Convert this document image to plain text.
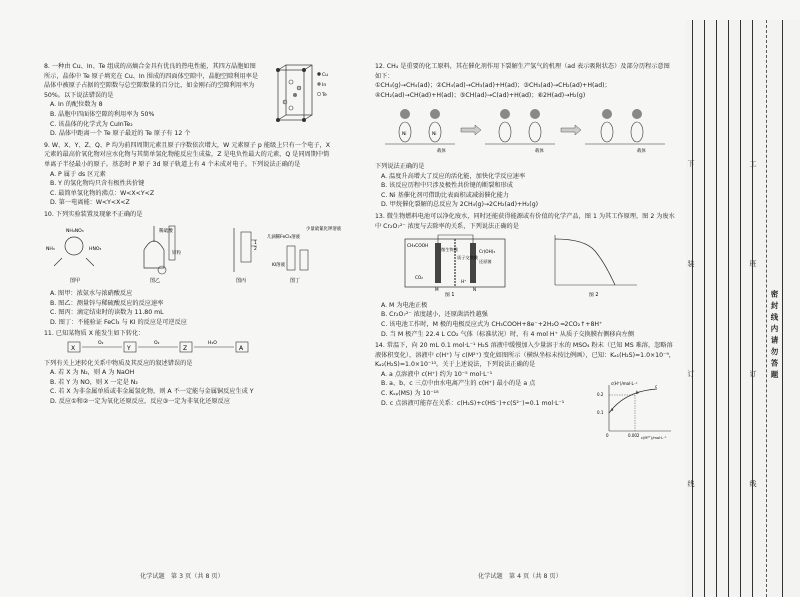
8. 一种由 Cu、In、Te 组成的高熵合金具有优良的热电性能，其四方晶胞如图所示，晶体中 Te 原子填充在 Cu、In 围成的四面体空隙中，晶胞空隙利用率是晶体中被原子占据的空隙数与总空隙数量的百分比，如金刚石的空隙利用率为 50%。以下说法错误的是

Cu
In
Te

A. In 的配位数为 8

B. 晶胞中四面体空隙的利用率为 50%

C. 该晶体的化学式为 CuInTe₂

D. 晶体中距离一个 Te 原子最近的 Te 原子有 12 个

9. W、X、Y、Z、Q、P 均为前四周期元素且原子序数依次增大，W 元素原子 p 能级上只有一个电子，X 元素的最高价氧化物对应水化物与其简单氢化物能反应生成盐，Z 是电负性最大的元素，Q 是同周期中简单离子半径最小的原子。基态时 P 原子 3d 原子轨道上有 4 个未成对电子。下列说法正确的是

A. P 属于 ds 区元素

B. Y 的氢化物均只含有极性共价键

C. 最简单氢化物的沸点：W<X<Y<Z

D. 第一电离能：W<Y<X<Z

10. 下列实验装置及现象不正确的是

NH₄NO₃
NH₃	HNO₃
图甲
稀硫酸
锌粒
图乙
1
2
图丙
几滴稀FeCl₃溶液
KI溶液
少量硫氰化钾溶液
图丁

A. 图甲：浓氨水与浓硝酸反应

B. 图乙：测量锌与稀硫酸反应的反应速率

C. 图丙：滴定结束时的读数为 11.80 mL

D. 图丁：不能验证 FeCl₃ 与 KI 的反应是可逆反应

11. 已知某物质 X 能发生如下转化：

X
O₂
Y
O₂
Z
H₂O
A

下列有关上述转化关系中物质及其反应的叙述错误的是

A. 若 X 为 N₂，则 A 为 NaOH

B. 若 Y 为 NO，则 X 一定是 N₂

C. 若 X 为非金属单质或非金属氢化物，则 A 不一定能与金属铜反应生成 Y

D. 反应①和②一定为氧化还原反应，反应③一定为非氧化还原反应

化学试题　第 3 页（共 8 页）

12. CH₄ 是重要的化工原料，其在催化剂作用下裂解生产氢气的机理（ad 表示吸附状态）及部分历程示意图如下：

①CH₄(g)→CH₄(ad)；②CH₄(ad)→CH₃(ad)+H(ad)；③CH₃(ad)→CH₂(ad)+H(ad)；④CH₂(ad)→CH(ad)+H(ad)；⑤CH(ad)→C(ad)+H(ad)；⑥2H(ad)→H₂(g)

Ni	Ni
载体	载体	载体

下列说法正确的是

A. 温度升高增大了反应的活化能，加快化学反应速率

B. 该反应历程中只涉及极性共价键的断裂和形成

C. Ni 基催化剂可借助比表面积或减弱催化能力

D. 甲烷催化裂解的总反应为 2CH₄(g)→2CH₂(ad)+H₂(g)

13. 微生物燃料电池可以净化废水，同时还能获得能源或有价值的化学产品，图 1 为其工作原理，图 2 为废水中 Cr₂O₇²⁻ 浓度与去除率的关系，下列说法正确的是

CH₃COOH
微生物膜
质子交换膜
Cr(OH)₃
还原菌
CO₂
H⁺
N
M
图 1	图 2

A. M 为电池正极

B. Cr₂O₇²⁻ 浓度越小，还原菌活性越强

C. 该电池工作时，M 极的电极反应式为 CH₃COOH+8e⁻+2H₂O ═2CO₂↑+8H⁺

D. 当 M 极产生 22.4 L CO₂ 气体（标准状况）时，有 4 mol H⁺ 从质子交换膜右侧移向左侧

14. 常温下，向 20 mL 0.1 mol·L⁻¹ H₂S 溶液中缓慢加入少量溶于水的 MSO₄ 粉末（已知 MS 难溶，忽略溶液体积变化），溶液中 c(H⁺) 与 c(M²⁺) 变化如图所示（横纵坐标未按比例画），已知：Kₐ₁(H₂S)=1.0×10⁻⁹，Kₐ₂(H₂S)=1.0×10⁻¹³。关于上述说法，下列说法正确的是

c(H⁺)/mol·L⁻¹
0.2
0.1
0	0.002 c(M²⁺)/mol·L⁻¹
a
b
c

A. a 点溶液中 c(H⁺) 约为 10⁻⁵ mol·L⁻¹

B. a、b、c 三点中由水电离产生的 c(H⁺) 最小的是 a 点

C. Kₛₚ(MS) 为 10⁻¹⁸

D. c 点溶液可能存在关系：c(H₂S)+c(HS⁻)+c(S²⁻)=0.1 mol·L⁻¹

化学试题　第 4 页（共 8 页）
密封线内请勿答题
下
装
订
线
工
班
订
线
